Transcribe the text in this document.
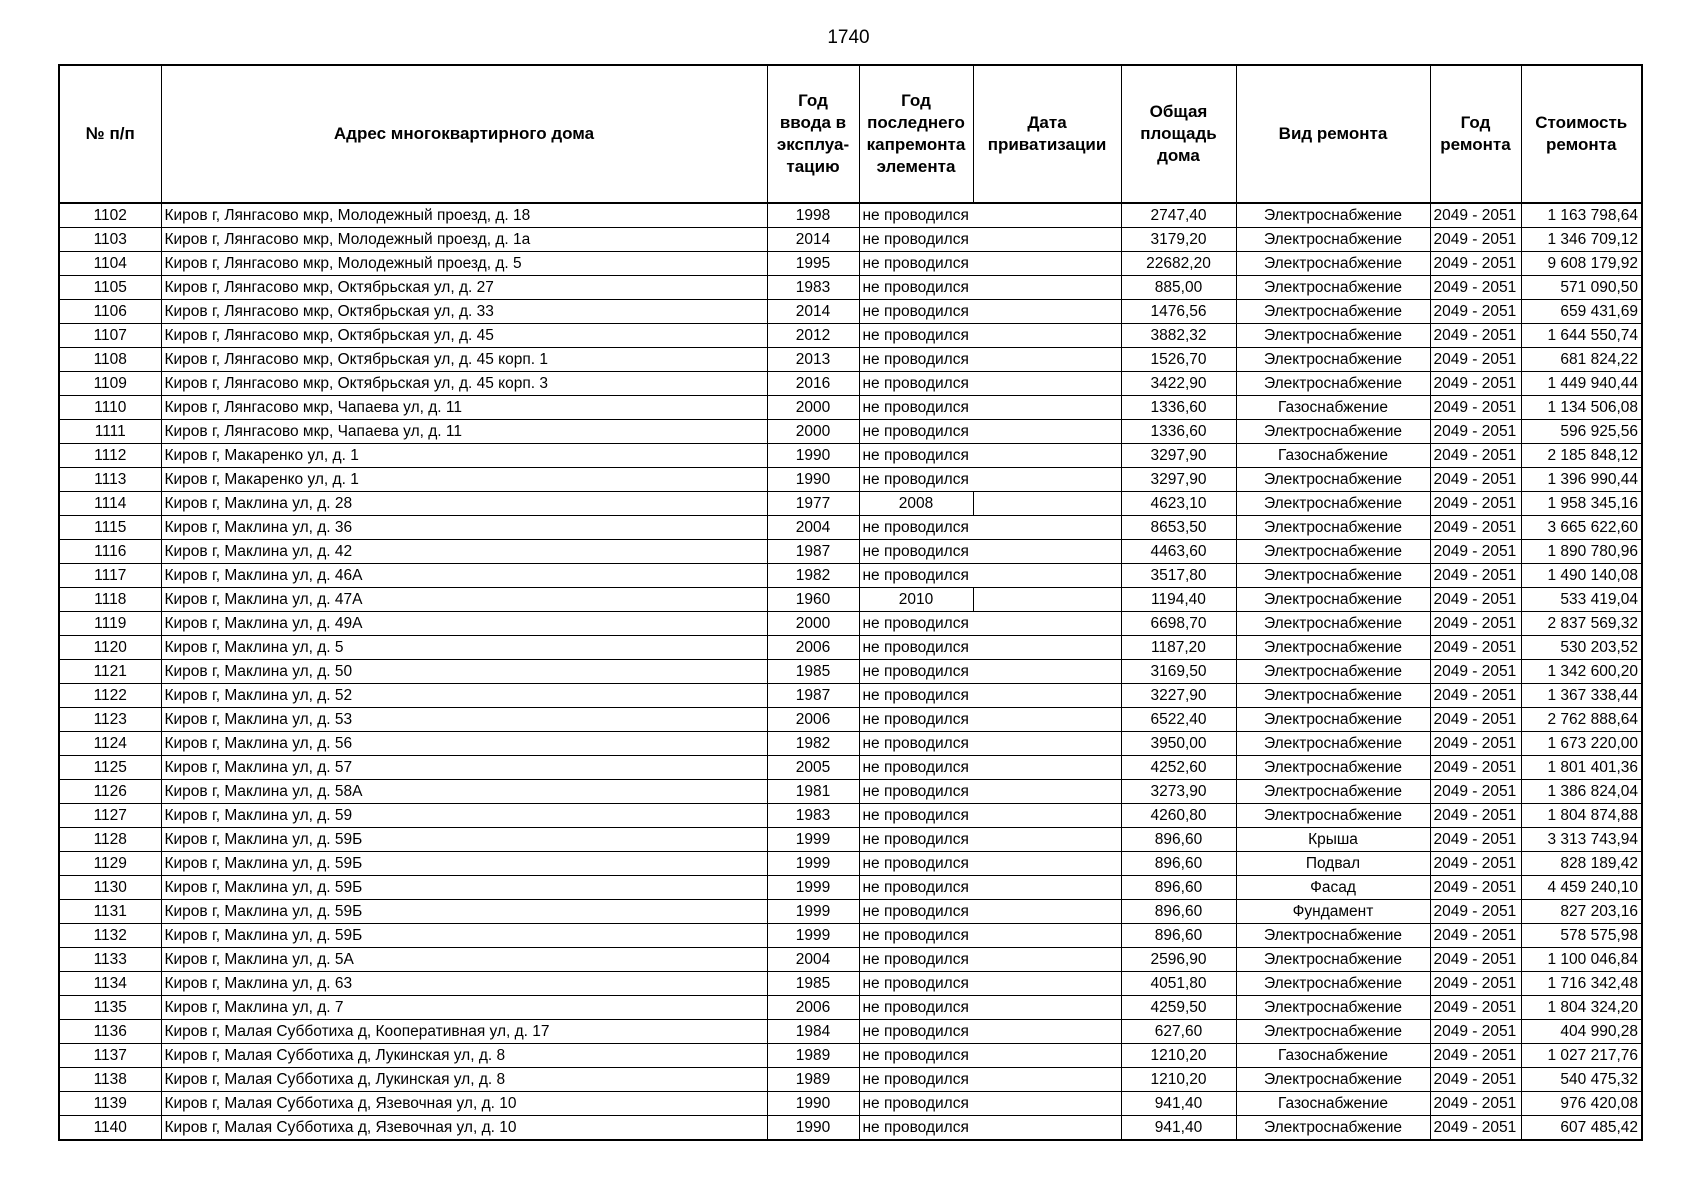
1740
№ п/п	Адрес многоквартирного дома	Год ввода в эксплуа-тацию	Год последнего капремонта элемента	Дата приватизации	Общая площадь дома	Вид ремонта	Год ремонта	Стоимость ремонта
1102	Киров г, Лянгасово мкр, Молодежный проезд, д. 18	1998	не проводился		2747,40	Электроснабжение	2049 - 2051	1 163 798,64
1103	Киров г, Лянгасово мкр, Молодежный проезд, д. 1а	2014	не проводился		3179,20	Электроснабжение	2049 - 2051	1 346 709,12
1104	Киров г, Лянгасово мкр, Молодежный проезд, д. 5	1995	не проводился		22682,20	Электроснабжение	2049 - 2051	9 608 179,92
1105	Киров г, Лянгасово мкр, Октябрьская ул, д. 27	1983	не проводился		885,00	Электроснабжение	2049 - 2051	571 090,50
1106	Киров г, Лянгасово мкр, Октябрьская ул, д. 33	2014	не проводился		1476,56	Электроснабжение	2049 - 2051	659 431,69
1107	Киров г, Лянгасово мкр, Октябрьская ул, д. 45	2012	не проводился		3882,32	Электроснабжение	2049 - 2051	1 644 550,74
1108	Киров г, Лянгасово мкр, Октябрьская ул, д. 45 корп. 1	2013	не проводился		1526,70	Электроснабжение	2049 - 2051	681 824,22
1109	Киров г, Лянгасово мкр, Октябрьская ул, д. 45 корп. 3	2016	не проводился		3422,90	Электроснабжение	2049 - 2051	1 449 940,44
1110	Киров г, Лянгасово мкр, Чапаева ул, д. 11	2000	не проводился		1336,60	Газоснабжение	2049 - 2051	1 134 506,08
1111	Киров г, Лянгасово мкр, Чапаева ул, д. 11	2000	не проводился		1336,60	Электроснабжение	2049 - 2051	596 925,56
1112	Киров г, Макаренко ул, д. 1	1990	не проводился		3297,90	Газоснабжение	2049 - 2051	2 185 848,12
1113	Киров г, Макаренко ул, д. 1	1990	не проводился		3297,90	Электроснабжение	2049 - 2051	1 396 990,44
1114	Киров г, Маклина ул, д. 28	1977	2008		4623,10	Электроснабжение	2049 - 2051	1 958 345,16
1115	Киров г, Маклина ул, д. 36	2004	не проводился		8653,50	Электроснабжение	2049 - 2051	3 665 622,60
1116	Киров г, Маклина ул, д. 42	1987	не проводился		4463,60	Электроснабжение	2049 - 2051	1 890 780,96
1117	Киров г, Маклина ул, д. 46А	1982	не проводился		3517,80	Электроснабжение	2049 - 2051	1 490 140,08
1118	Киров г, Маклина ул, д. 47А	1960	2010		1194,40	Электроснабжение	2049 - 2051	533 419,04
1119	Киров г, Маклина ул, д. 49А	2000	не проводился		6698,70	Электроснабжение	2049 - 2051	2 837 569,32
1120	Киров г, Маклина ул, д. 5	2006	не проводился		1187,20	Электроснабжение	2049 - 2051	530 203,52
1121	Киров г, Маклина ул, д. 50	1985	не проводился		3169,50	Электроснабжение	2049 - 2051	1 342 600,20
1122	Киров г, Маклина ул, д. 52	1987	не проводился		3227,90	Электроснабжение	2049 - 2051	1 367 338,44
1123	Киров г, Маклина ул, д. 53	2006	не проводился		6522,40	Электроснабжение	2049 - 2051	2 762 888,64
1124	Киров г, Маклина ул, д. 56	1982	не проводился		3950,00	Электроснабжение	2049 - 2051	1 673 220,00
1125	Киров г, Маклина ул, д. 57	2005	не проводился		4252,60	Электроснабжение	2049 - 2051	1 801 401,36
1126	Киров г, Маклина ул, д. 58А	1981	не проводился		3273,90	Электроснабжение	2049 - 2051	1 386 824,04
1127	Киров г, Маклина ул, д. 59	1983	не проводился		4260,80	Электроснабжение	2049 - 2051	1 804 874,88
1128	Киров г, Маклина ул, д. 59Б	1999	не проводился		896,60	Крыша	2049 - 2051	3 313 743,94
1129	Киров г, Маклина ул, д. 59Б	1999	не проводился		896,60	Подвал	2049 - 2051	828 189,42
1130	Киров г, Маклина ул, д. 59Б	1999	не проводился		896,60	Фасад	2049 - 2051	4 459 240,10
1131	Киров г, Маклина ул, д. 59Б	1999	не проводился		896,60	Фундамент	2049 - 2051	827 203,16
1132	Киров г, Маклина ул, д. 59Б	1999	не проводился		896,60	Электроснабжение	2049 - 2051	578 575,98
1133	Киров г, Маклина ул, д. 5А	2004	не проводился		2596,90	Электроснабжение	2049 - 2051	1 100 046,84
1134	Киров г, Маклина ул, д. 63	1985	не проводился		4051,80	Электроснабжение	2049 - 2051	1 716 342,48
1135	Киров г, Маклина ул, д. 7	2006	не проводился		4259,50	Электроснабжение	2049 - 2051	1 804 324,20
1136	Киров г, Малая Субботиха д, Кооперативная ул, д. 17	1984	не проводился		627,60	Электроснабжение	2049 - 2051	404 990,28
1137	Киров г, Малая Субботиха д, Лукинская ул, д. 8	1989	не проводился		1210,20	Газоснабжение	2049 - 2051	1 027 217,76
1138	Киров г, Малая Субботиха д, Лукинская ул, д. 8	1989	не проводился		1210,20	Электроснабжение	2049 - 2051	540 475,32
1139	Киров г, Малая Субботиха д, Язевочная ул, д. 10	1990	не проводился		941,40	Газоснабжение	2049 - 2051	976 420,08
1140	Киров г, Малая Субботиха д, Язевочная ул, д. 10	1990	не проводился		941,40	Электроснабжение	2049 - 2051	607 485,42
